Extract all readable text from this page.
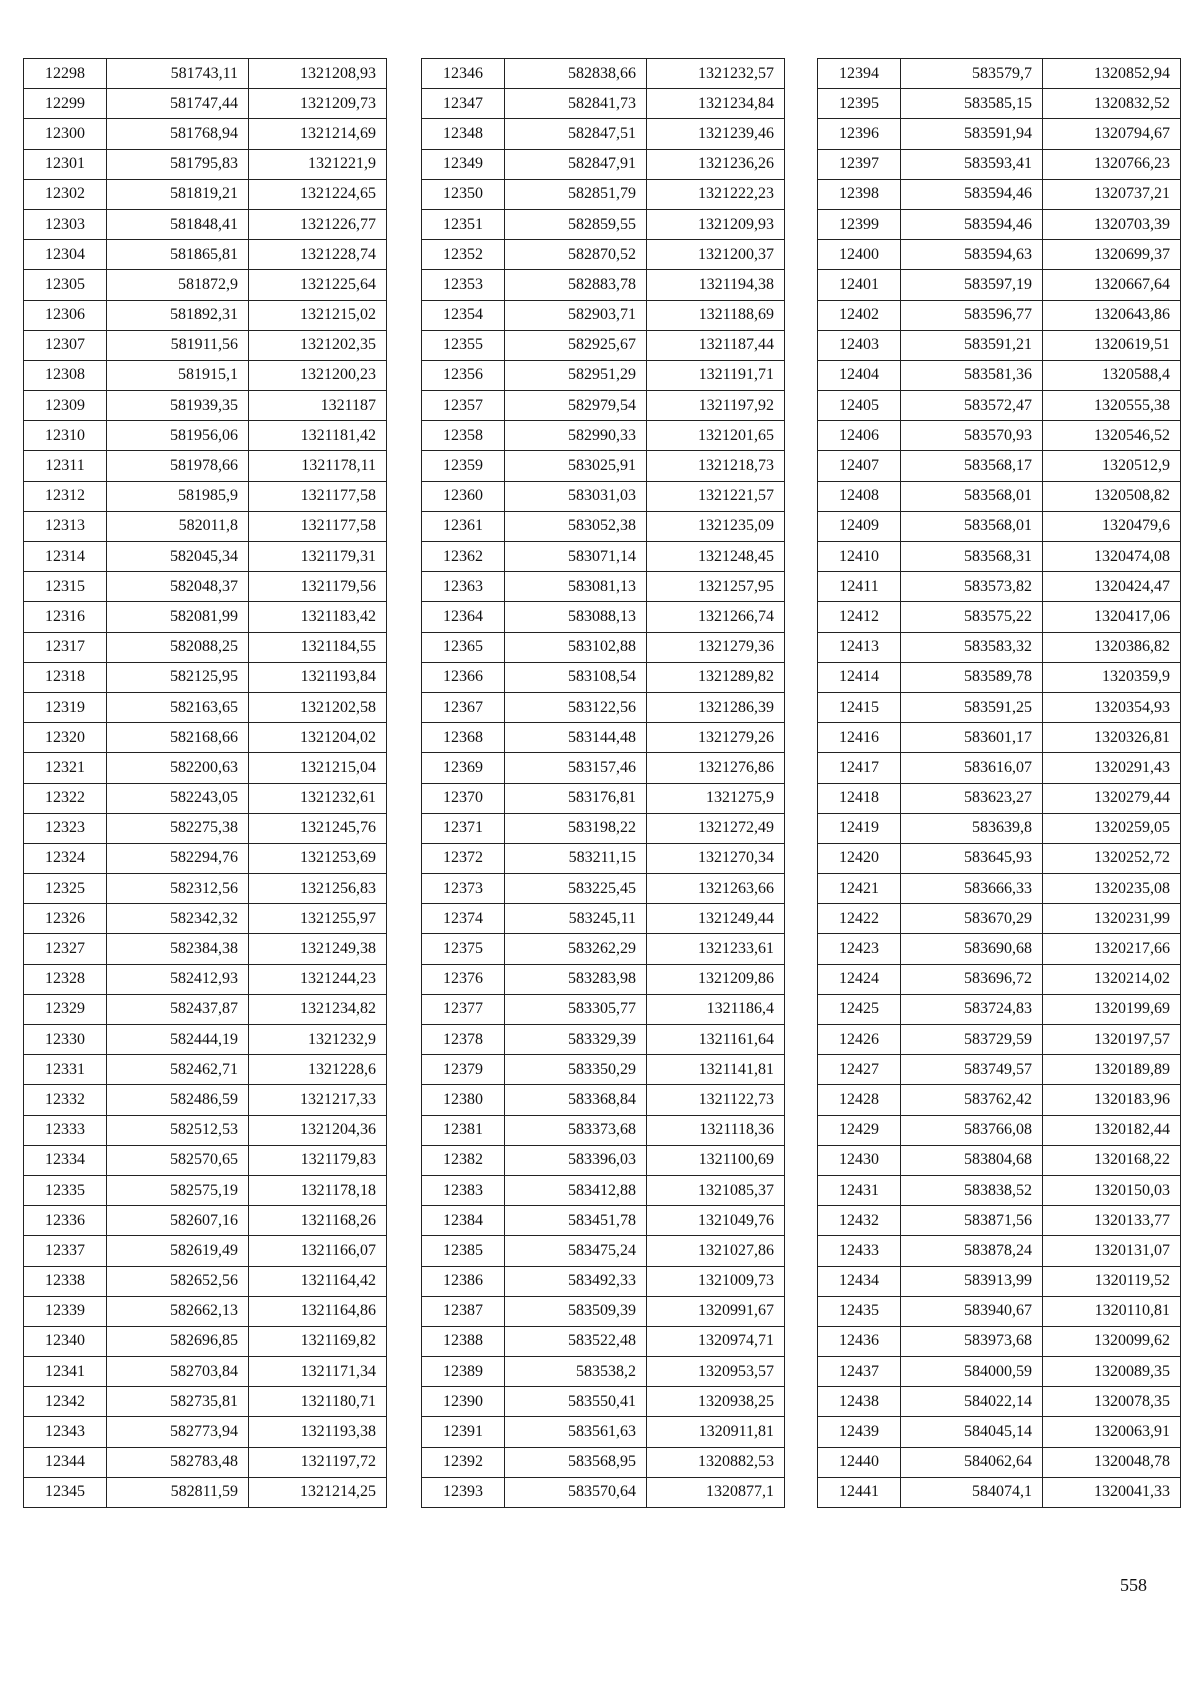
12298	581743,11	1321208,93
12299	581747,44	1321209,73
12300	581768,94	1321214,69
12301	581795,83	1321221,9
12302	581819,21	1321224,65
12303	581848,41	1321226,77
12304	581865,81	1321228,74
12305	581872,9	1321225,64
12306	581892,31	1321215,02
12307	581911,56	1321202,35
12308	581915,1	1321200,23
12309	581939,35	1321187
12310	581956,06	1321181,42
12311	581978,66	1321178,11
12312	581985,9	1321177,58
12313	582011,8	1321177,58
12314	582045,34	1321179,31
12315	582048,37	1321179,56
12316	582081,99	1321183,42
12317	582088,25	1321184,55
12318	582125,95	1321193,84
12319	582163,65	1321202,58
12320	582168,66	1321204,02
12321	582200,63	1321215,04
12322	582243,05	1321232,61
12323	582275,38	1321245,76
12324	582294,76	1321253,69
12325	582312,56	1321256,83
12326	582342,32	1321255,97
12327	582384,38	1321249,38
12328	582412,93	1321244,23
12329	582437,87	1321234,82
12330	582444,19	1321232,9
12331	582462,71	1321228,6
12332	582486,59	1321217,33
12333	582512,53	1321204,36
12334	582570,65	1321179,83
12335	582575,19	1321178,18
12336	582607,16	1321168,26
12337	582619,49	1321166,07
12338	582652,56	1321164,42
12339	582662,13	1321164,86
12340	582696,85	1321169,82
12341	582703,84	1321171,34
12342	582735,81	1321180,71
12343	582773,94	1321193,38
12344	582783,48	1321197,72
12345	582811,59	1321214,25
12346	582838,66	1321232,57
12347	582841,73	1321234,84
12348	582847,51	1321239,46
12349	582847,91	1321236,26
12350	582851,79	1321222,23
12351	582859,55	1321209,93
12352	582870,52	1321200,37
12353	582883,78	1321194,38
12354	582903,71	1321188,69
12355	582925,67	1321187,44
12356	582951,29	1321191,71
12357	582979,54	1321197,92
12358	582990,33	1321201,65
12359	583025,91	1321218,73
12360	583031,03	1321221,57
12361	583052,38	1321235,09
12362	583071,14	1321248,45
12363	583081,13	1321257,95
12364	583088,13	1321266,74
12365	583102,88	1321279,36
12366	583108,54	1321289,82
12367	583122,56	1321286,39
12368	583144,48	1321279,26
12369	583157,46	1321276,86
12370	583176,81	1321275,9
12371	583198,22	1321272,49
12372	583211,15	1321270,34
12373	583225,45	1321263,66
12374	583245,11	1321249,44
12375	583262,29	1321233,61
12376	583283,98	1321209,86
12377	583305,77	1321186,4
12378	583329,39	1321161,64
12379	583350,29	1321141,81
12380	583368,84	1321122,73
12381	583373,68	1321118,36
12382	583396,03	1321100,69
12383	583412,88	1321085,37
12384	583451,78	1321049,76
12385	583475,24	1321027,86
12386	583492,33	1321009,73
12387	583509,39	1320991,67
12388	583522,48	1320974,71
12389	583538,2	1320953,57
12390	583550,41	1320938,25
12391	583561,63	1320911,81
12392	583568,95	1320882,53
12393	583570,64	1320877,1
12394	583579,7	1320852,94
12395	583585,15	1320832,52
12396	583591,94	1320794,67
12397	583593,41	1320766,23
12398	583594,46	1320737,21
12399	583594,46	1320703,39
12400	583594,63	1320699,37
12401	583597,19	1320667,64
12402	583596,77	1320643,86
12403	583591,21	1320619,51
12404	583581,36	1320588,4
12405	583572,47	1320555,38
12406	583570,93	1320546,52
12407	583568,17	1320512,9
12408	583568,01	1320508,82
12409	583568,01	1320479,6
12410	583568,31	1320474,08
12411	583573,82	1320424,47
12412	583575,22	1320417,06
12413	583583,32	1320386,82
12414	583589,78	1320359,9
12415	583591,25	1320354,93
12416	583601,17	1320326,81
12417	583616,07	1320291,43
12418	583623,27	1320279,44
12419	583639,8	1320259,05
12420	583645,93	1320252,72
12421	583666,33	1320235,08
12422	583670,29	1320231,99
12423	583690,68	1320217,66
12424	583696,72	1320214,02
12425	583724,83	1320199,69
12426	583729,59	1320197,57
12427	583749,57	1320189,89
12428	583762,42	1320183,96
12429	583766,08	1320182,44
12430	583804,68	1320168,22
12431	583838,52	1320150,03
12432	583871,56	1320133,77
12433	583878,24	1320131,07
12434	583913,99	1320119,52
12435	583940,67	1320110,81
12436	583973,68	1320099,62
12437	584000,59	1320089,35
12438	584022,14	1320078,35
12439	584045,14	1320063,91
12440	584062,64	1320048,78
12441	584074,1	1320041,33
558
